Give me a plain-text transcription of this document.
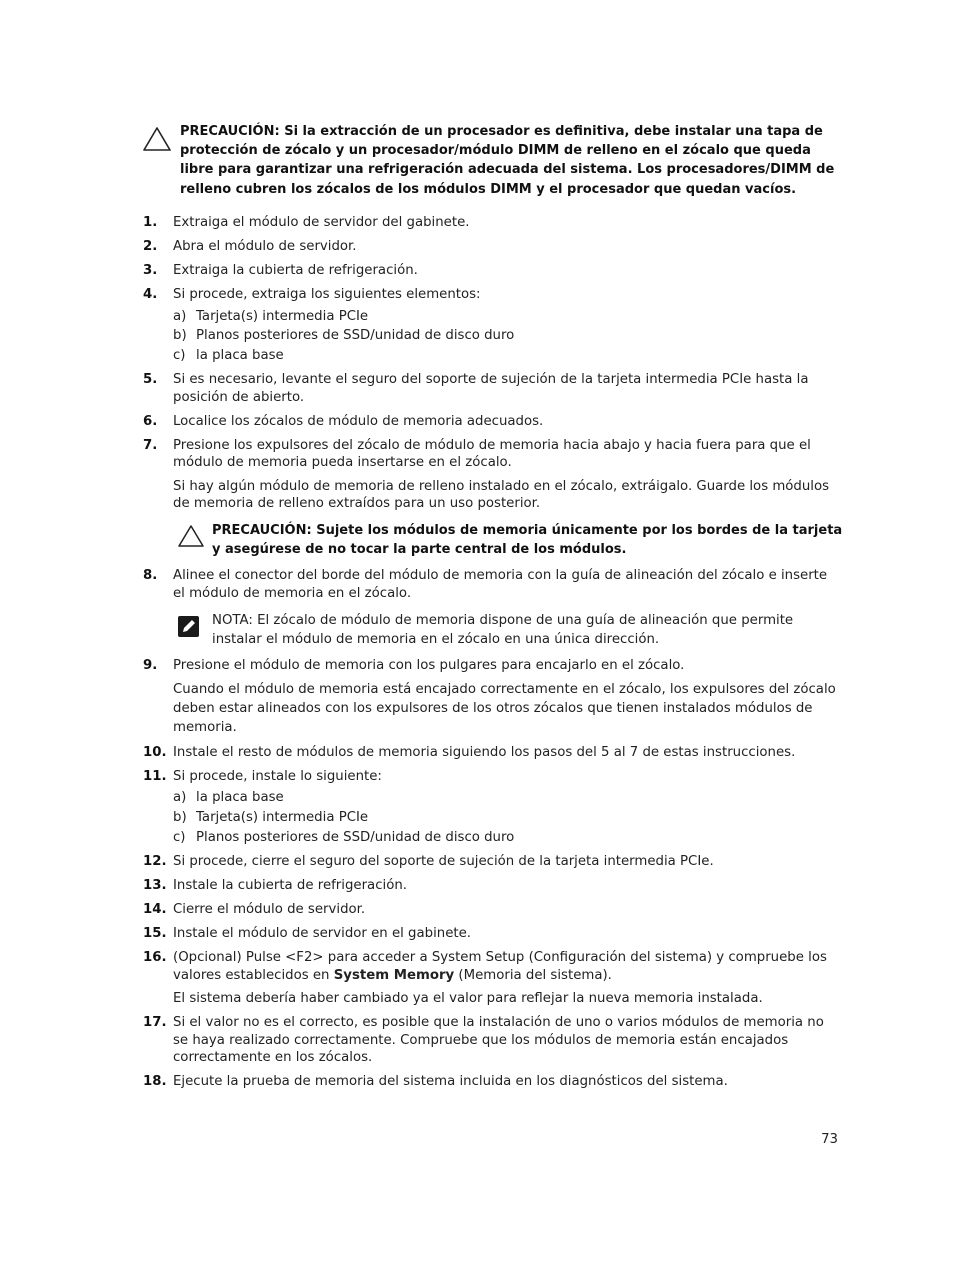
PRECAUCIÓN: Si la extracción de un procesador es definitiva, debe instalar una tapa de protección de zócalo y un procesador/módulo DIMM de relleno en el zócalo que queda libre para garantizar una refrigeración adecuada del sistema. Los procesadores/DIMM de relleno cubren los zócalos de los módulos DIMM y el procesador que quedan vacíos.

1.	Extraiga el módulo de servidor del gabinete.

2.	Abra el módulo de servidor.

3.	Extraiga la cubierta de refrigeración.

4.	Si procede, extraiga los siguientes elementos:

a) Tarjeta(s) intermedia PCIe
b) Planos posteriores de SSD/unidad de disco duro
c) la placa base
5.	Si es necesario, levante el seguro del soporte de sujeción de la tarjeta intermedia PCIe hasta la posición de abierto.

6.	Localice los zócalos de módulo de memoria adecuados.

7.	Presione los expulsores del zócalo de módulo de memoria hacia abajo y hacia fuera para que el módulo de memoria pueda insertarse en el zócalo.

Si hay algún módulo de memoria de relleno instalado en el zócalo, extráigalo. Guarde los módulos de memoria de relleno extraídos para un uso posterior.

PRECAUCIÓN: Sujete los módulos de memoria únicamente por los bordes de la tarjeta y asegúrese de no tocar la parte central de los módulos.

8.	Alinee el conector del borde del módulo de memoria con la guía de alineación del zócalo e inserte el módulo de memoria en el zócalo.

NOTA: El zócalo de módulo de memoria dispone de una guía de alineación que permite instalar el módulo de memoria en el zócalo en una única dirección.

9.	Presione el módulo de memoria con los pulgares para encajarlo en el zócalo.

Cuando el módulo de memoria está encajado correctamente en el zócalo, los expulsores del zócalo deben estar alineados con los expulsores de los otros zócalos que tienen instalados módulos de memoria.

10. Instale el resto de módulos de memoria siguiendo los pasos del 5 al 7 de estas instrucciones.

11. Si procede, instale lo siguiente:

a) la placa base
b) Tarjeta(s) intermedia PCIe
c) Planos posteriores de SSD/unidad de disco duro
12. Si procede, cierre el seguro del soporte de sujeción de la tarjeta intermedia PCIe.

13. Instale la cubierta de refrigeración.

14. Cierre el módulo de servidor.

15. Instale el módulo de servidor en el gabinete.

16. (Opcional) Pulse <F2> para acceder a System Setup (Configuración del sistema) y compruebe los valores establecidos en System Memory (Memoria del sistema).

El sistema debería haber cambiado ya el valor para reflejar la nueva memoria instalada.

17. Si el valor no es el correcto, es posible que la instalación de uno o varios módulos de memoria no se haya realizado correctamente. Compruebe que los módulos de memoria están encajados correctamente en los zócalos.

18. Ejecute la prueba de memoria del sistema incluida en los diagnósticos del sistema.

73
